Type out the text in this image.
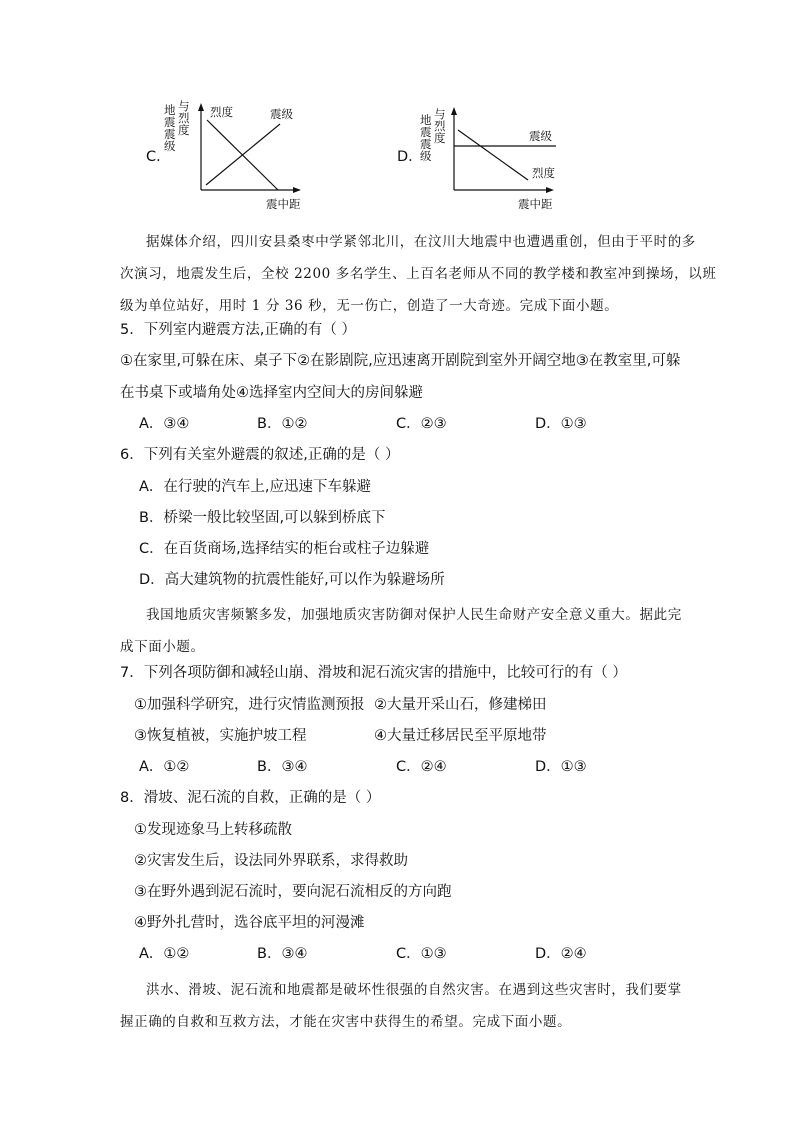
C．
地 震 震 级
与 烈 度
烈度	震级
震中距
D．
地 震 震 级
与 烈 度	震级
烈度
震中距
据媒体介绍，四川安县桑枣中学紧邻北川，在汶川大地震中也遭遇重创，但由于平时的多
次演习，地震发生后，全校 2200 多名学生、上百名老师从不同的教学楼和教室冲到操场，以班
级为单位站好，用时 1 分 36 秒，无一伤亡，创造了一大奇迹。完成下面小题。
5．下列室内避震方法,正确的有（ ）
①在家里,可躲在床、桌子下②在影剧院,应迅速离开剧院到室外开阔空地③在教室里,可躲
在书桌下或墙角处④选择室内空间大的房间躲避
A．③④	B．①②	C．②③	D．①③
6．下列有关室外避震的叙述,正确的是（ ）
A．在行驶的汽车上,应迅速下车躲避
B．桥梁一般比较坚固,可以躲到桥底下
C．在百货商场,选择结实的柜台或柱子边躲避
D．高大建筑物的抗震性能好,可以作为躲避场所
我国地质灾害频繁多发，加强地质灾害防御对保护人民生命财产安全意义重大。据此完
成下面小题。
7．下列各项防御和减轻山崩、滑坡和泥石流灾害的措施中，比较可行的有（ ）
①加强科学研究，进行灾情监测预报 ②大量开采山石，修建梯田
③恢复植被，实施护坡工程	④大量迁移居民至平原地带
A．①②	B．③④	C．②④	D．①③
8．滑坡、泥石流的自救，正确的是（ ）
①发现迹象马上转移疏散
②灾害发生后，设法同外界联系，求得救助
③在野外遇到泥石流时，要向泥石流相反的方向跑
④野外扎营时，选谷底平坦的河漫滩
A．①②	B．③④	C．①③	D．②④
洪水、滑坡、泥石流和地震都是破坏性很强的自然灾害。在遇到这些灾害时，我们要掌
握正确的自救和互救方法，才能在灾害中获得生的希望。完成下面小题。
